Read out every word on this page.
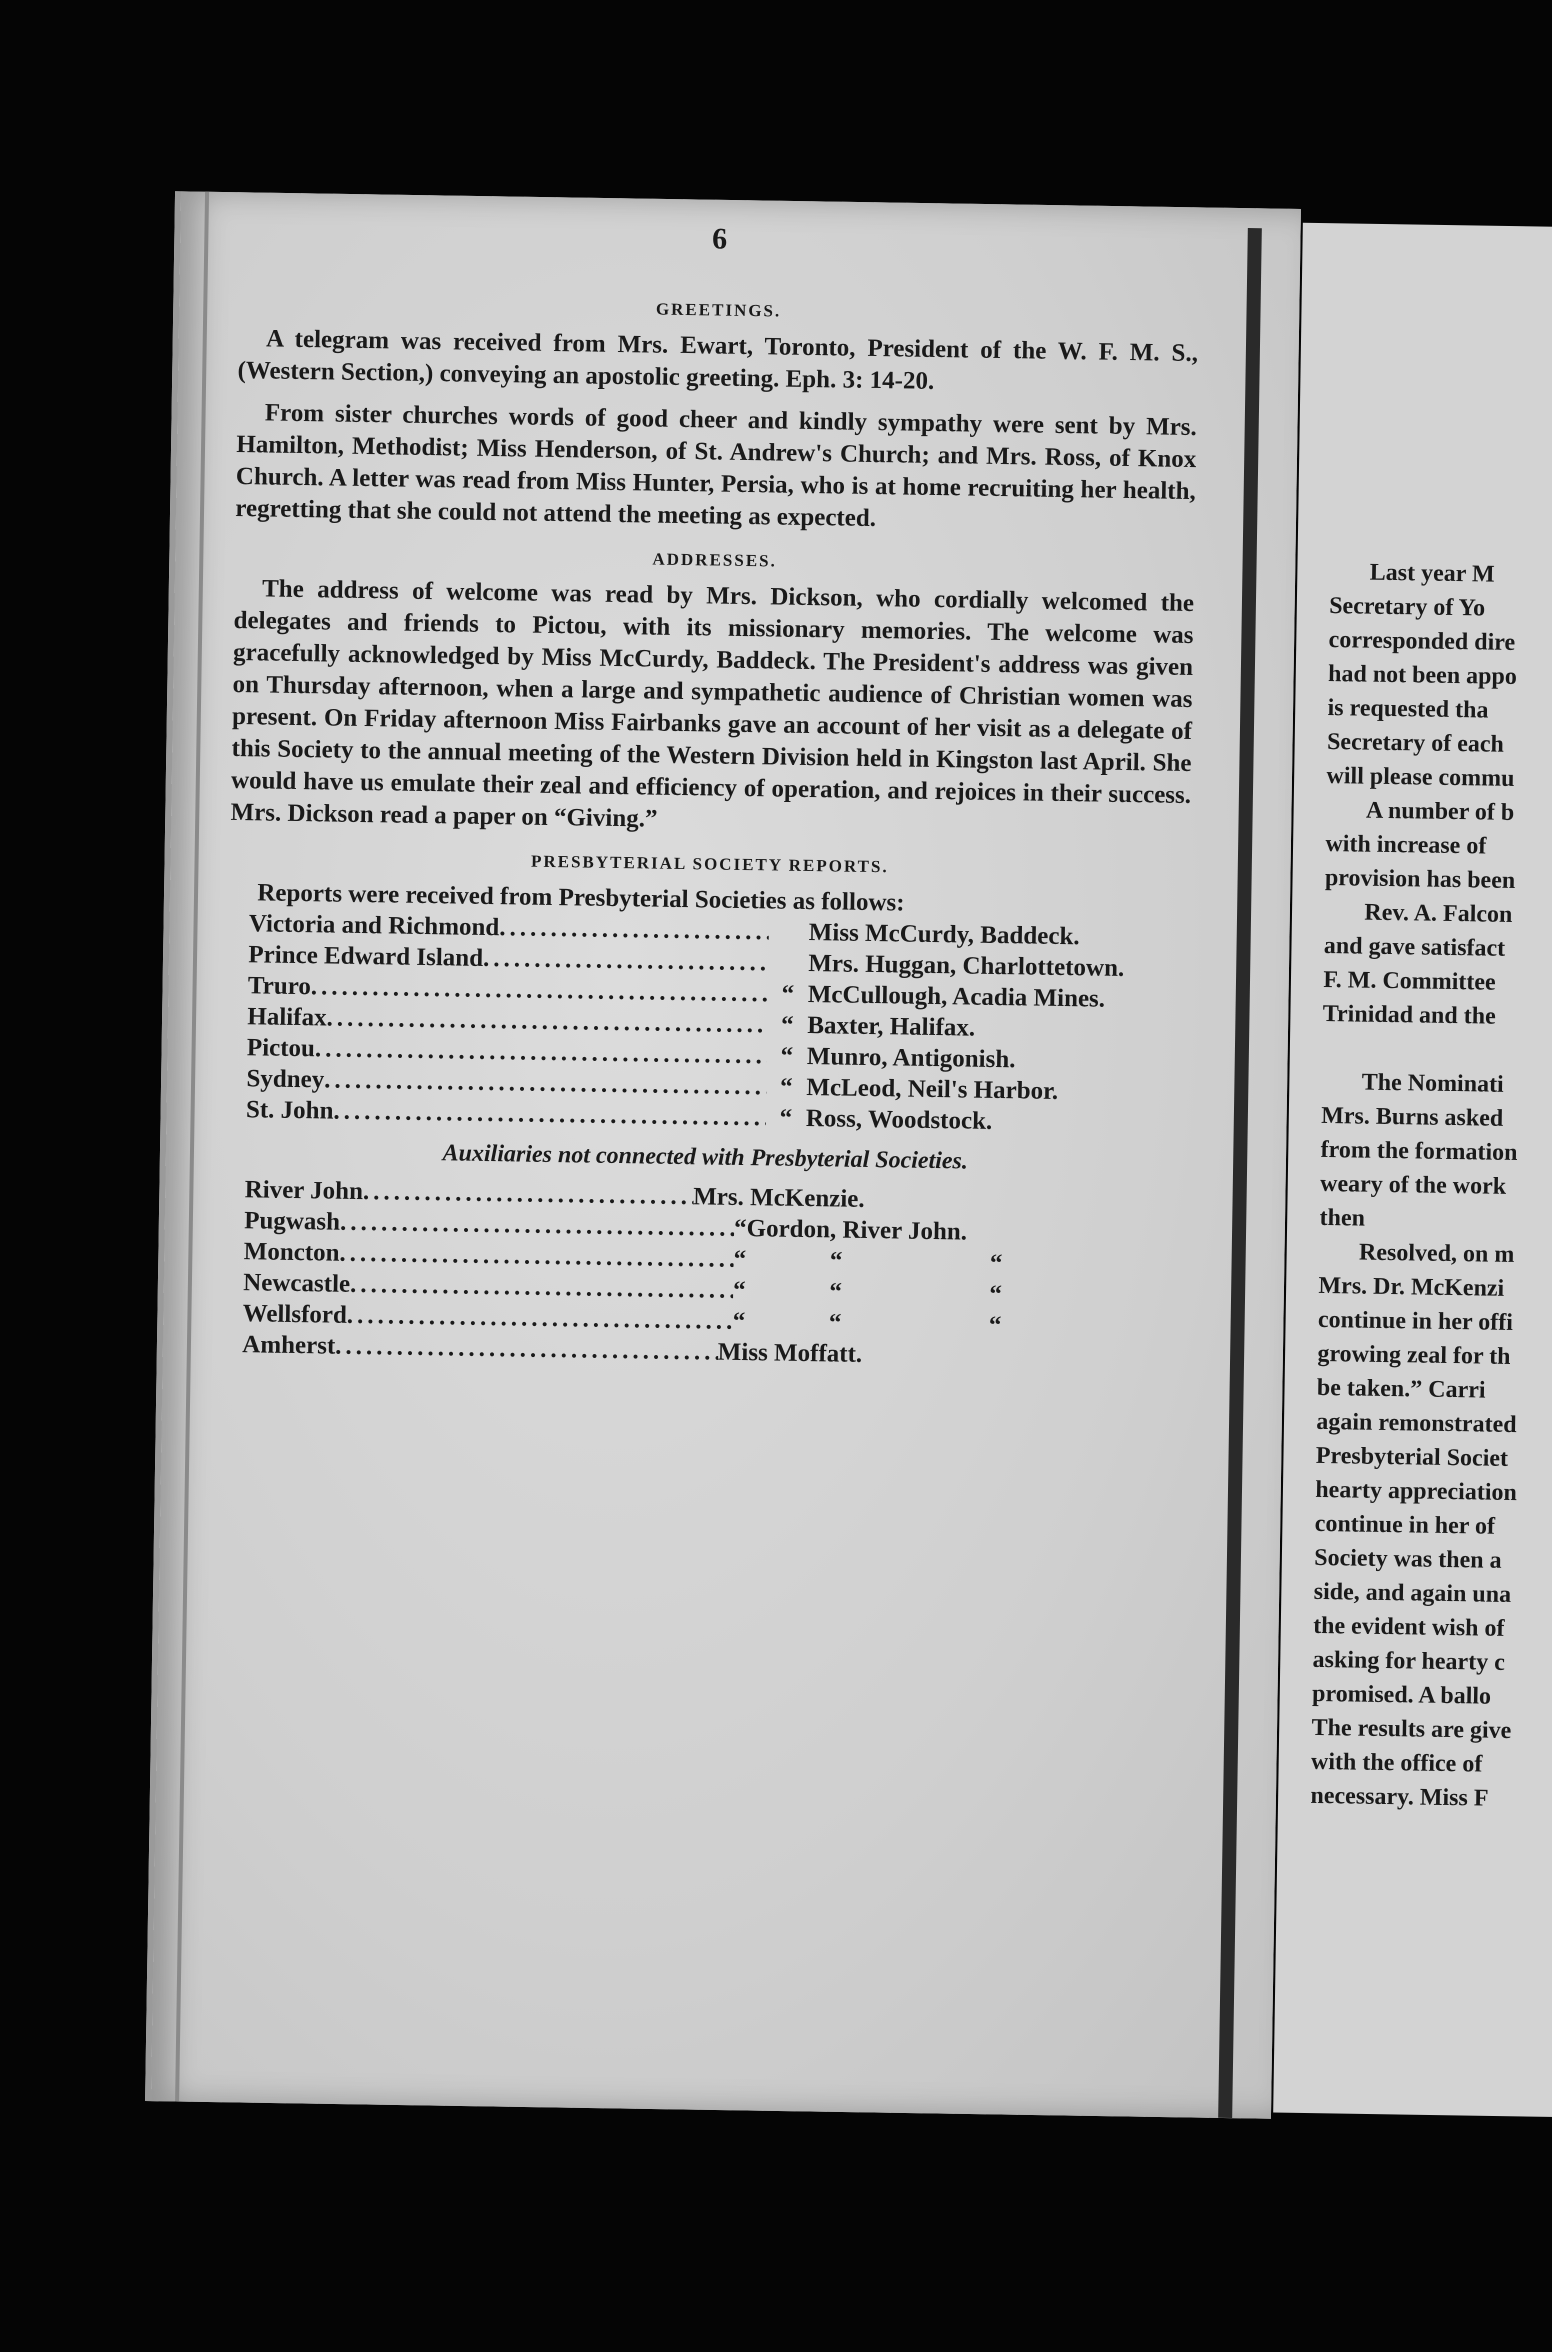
6
GREETINGS.
A telegram was received from Mrs. Ewart, Toronto, President of the W. F. M. S., (Western Section,) conveying an apostolic greeting. Eph. 3: 14-20.
From sister churches words of good cheer and kindly sympathy were sent by Mrs. Hamilton, Methodist; Miss Henderson, of St. Andrew's Church; and Mrs. Ross, of Knox Church. A letter was read from Miss Hunter, Persia, who is at home recruiting her health, regretting that she could not attend the meeting as expected.
ADDRESSES.
The address of welcome was read by Mrs. Dickson, who cordially welcomed the delegates and friends to Pictou, with its missionary memories. The welcome was gracefully acknowledged by Miss McCurdy, Baddeck. The President's address was given on Thursday afternoon, when a large and sympathetic audience of Christian women was present. On Friday afternoon Miss Fairbanks gave an account of her visit as a delegate of this Society to the annual meeting of the Western Division held in Kingston last April. She would have us emulate their zeal and efficiency of operation, and rejoices in their success. Mrs. Dickson read a paper on “Giving.”
PRESBYTERIAL SOCIETY REPORTS.
Reports were received from Presbyterial Societies as follows:
Victoria and Richmond .....	Miss McCurdy, Baddeck.
Prince Edward Island .....	Mrs. Huggan, Charlottetown.
Truro .....	“ McCullough, Acadia Mines.
Halifax .....	“ Baxter, Halifax.
Pictou .....	“ Munro, Antigonish.
Sydney .....	“ McLeod, Neil's Harbor.
St. John .....	“ Ross, Woodstock.
Auxiliaries not connected with Presbyterial Societies.
River John .....	Mrs. McKenzie.
Pugwash .....	“ Gordon, River John.
Moncton .....	“	“	“
Newcastle .....	“	“	“
Wellsford .....	“	“	“
Amherst .....	Miss Moffatt.
Last year M
Secretary of Yo
corresponded dire
had not been appo
is requested tha
Secretary of each
will please commu
A number of b
with increase of
provision has been
Rev. A. Falcon
and gave satisfact
F. M. Committee
Trinidad and the
The Nominati
Mrs. Burns asked
from the formation
weary of the work
then
Resolved, on m
Mrs. Dr. McKenzi
continue in her offi
growing zeal for th
be taken.” Carri
again remonstrated
Presbyterial Societ
hearty appreciation
continue in her of
Society was then a
side, and again una
the evident wish of
asking for hearty c
promised. A ballo
The results are give
with the office of
necessary. Miss F
